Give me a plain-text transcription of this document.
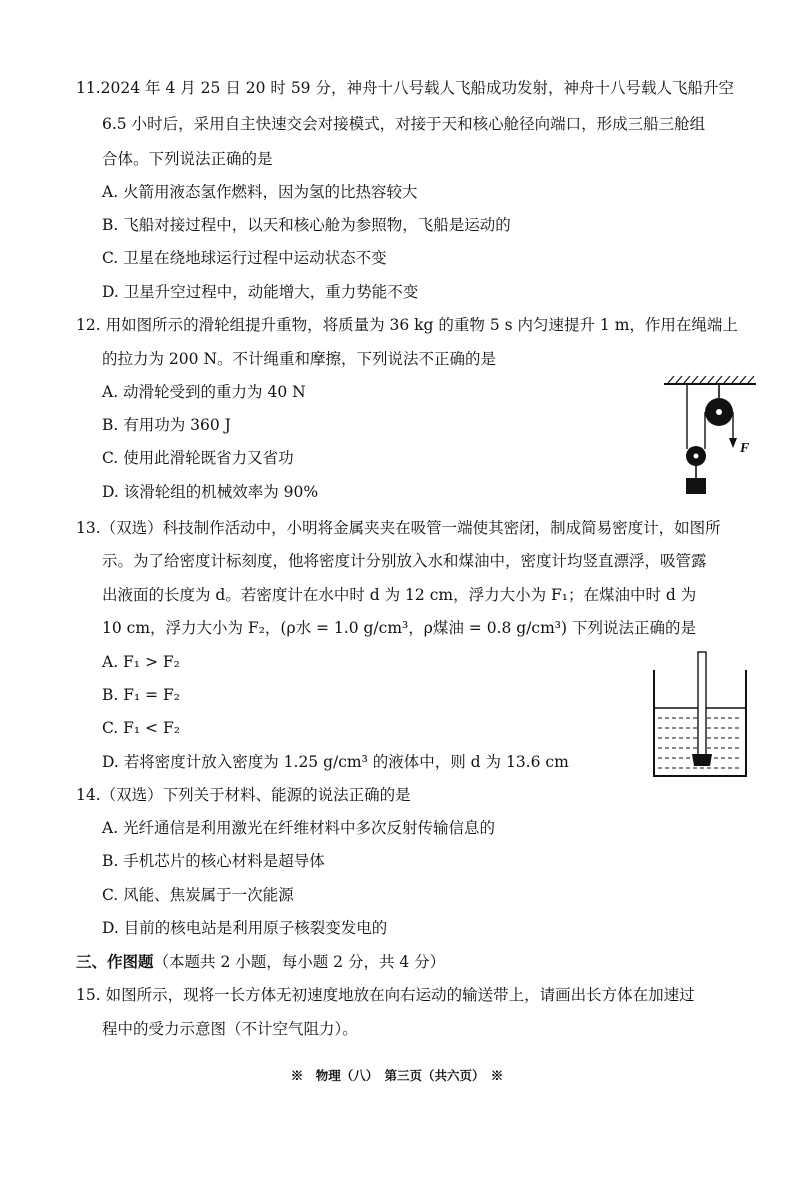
11.2024 年 4 月 25 日 20 时 59 分，神舟十八号载人飞船成功发射，神舟十八号载人飞船升空
6.5 小时后，采用自主快速交会对接模式，对接于天和核心舱径向端口，形成三船三舱组
合体。下列说法正确的是
A. 火箭用液态氢作燃料，因为氢的比热容较大
B. 飞船对接过程中，以天和核心舱为参照物，飞船是运动的
C. 卫星在绕地球运行过程中运动状态不变
D. 卫星升空过程中，动能增大，重力势能不变
12. 用如图所示的滑轮组提升重物，将质量为 36 kg 的重物 5 s 内匀速提升 1 m，作用在绳端上
的拉力为 200 N。不计绳重和摩擦，下列说法不正确的是
A. 动滑轮受到的重力为 40 N
B. 有用功为 360 J
C. 使用此滑轮既省力又省功
D. 该滑轮组的机械效率为 90%
F
13.（双选）科技制作活动中，小明将金属夹夹在吸管一端使其密闭，制成简易密度计，如图所
示。为了给密度计标刻度，他将密度计分别放入水和煤油中，密度计均竖直漂浮，吸管露
出液面的长度为 d。若密度计在水中时 d 为 12 cm，浮力大小为 F₁；在煤油中时 d 为
10 cm，浮力大小为 F₂，(ρ水 = 1.0 g/cm³，ρ煤油 = 0.8 g/cm³) 下列说法正确的是
A. F₁ > F₂
B. F₁ = F₂
C. F₁ < F₂
D. 若将密度计放入密度为 1.25 g/cm³ 的液体中，则 d 为 13.6 cm
14.（双选）下列关于材料、能源的说法正确的是
A. 光纤通信是利用激光在纤维材料中多次反射传输信息的
B. 手机芯片的核心材料是超导体
C. 风能、焦炭属于一次能源
D. 目前的核电站是利用原子核裂变发电的
三、作图题（本题共 2 小题，每小题 2 分，共 4 分）
15. 如图所示，现将一长方体无初速度地放在向右运动的输送带上，请画出长方体在加速过
程中的受力示意图（不计空气阻力）。
※　物理（八）　第三页（共六页）　※
